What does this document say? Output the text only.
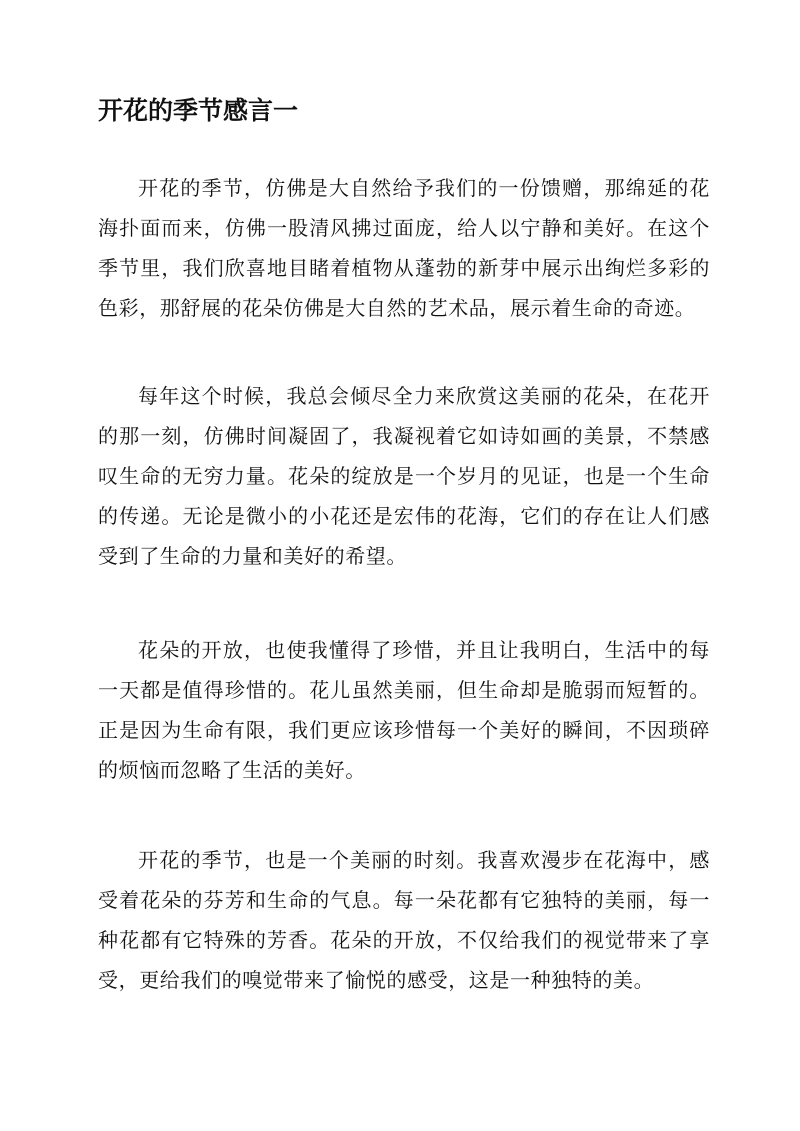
开花的季节感言一

开花的季节，仿佛是大自然给予我们的一份馈赠，那绵延的花海扑面而来，仿佛一股清风拂过面庞，给人以宁静和美好。在这个季节里，我们欣喜地目睹着植物从蓬勃的新芽中展示出绚烂多彩的色彩，那舒展的花朵仿佛是大自然的艺术品，展示着生命的奇迹。

每年这个时候，我总会倾尽全力来欣赏这美丽的花朵，在花开的那一刻，仿佛时间凝固了，我凝视着它如诗如画的美景，不禁感叹生命的无穷力量。花朵的绽放是一个岁月的见证，也是一个生命的传递。无论是微小的小花还是宏伟的花海，它们的存在让人们感受到了生命的力量和美好的希望。

花朵的开放，也使我懂得了珍惜，并且让我明白，生活中的每一天都是值得珍惜的。花儿虽然美丽，但生命却是脆弱而短暂的。正是因为生命有限，我们更应该珍惜每一个美好的瞬间，不因琐碎的烦恼而忽略了生活的美好。

开花的季节，也是一个美丽的时刻。我喜欢漫步在花海中，感受着花朵的芬芳和生命的气息。每一朵花都有它独特的美丽，每一种花都有它特殊的芳香。花朵的开放，不仅给我们的视觉带来了享受，更给我们的嗅觉带来了愉悦的感受，这是一种独特的美。
